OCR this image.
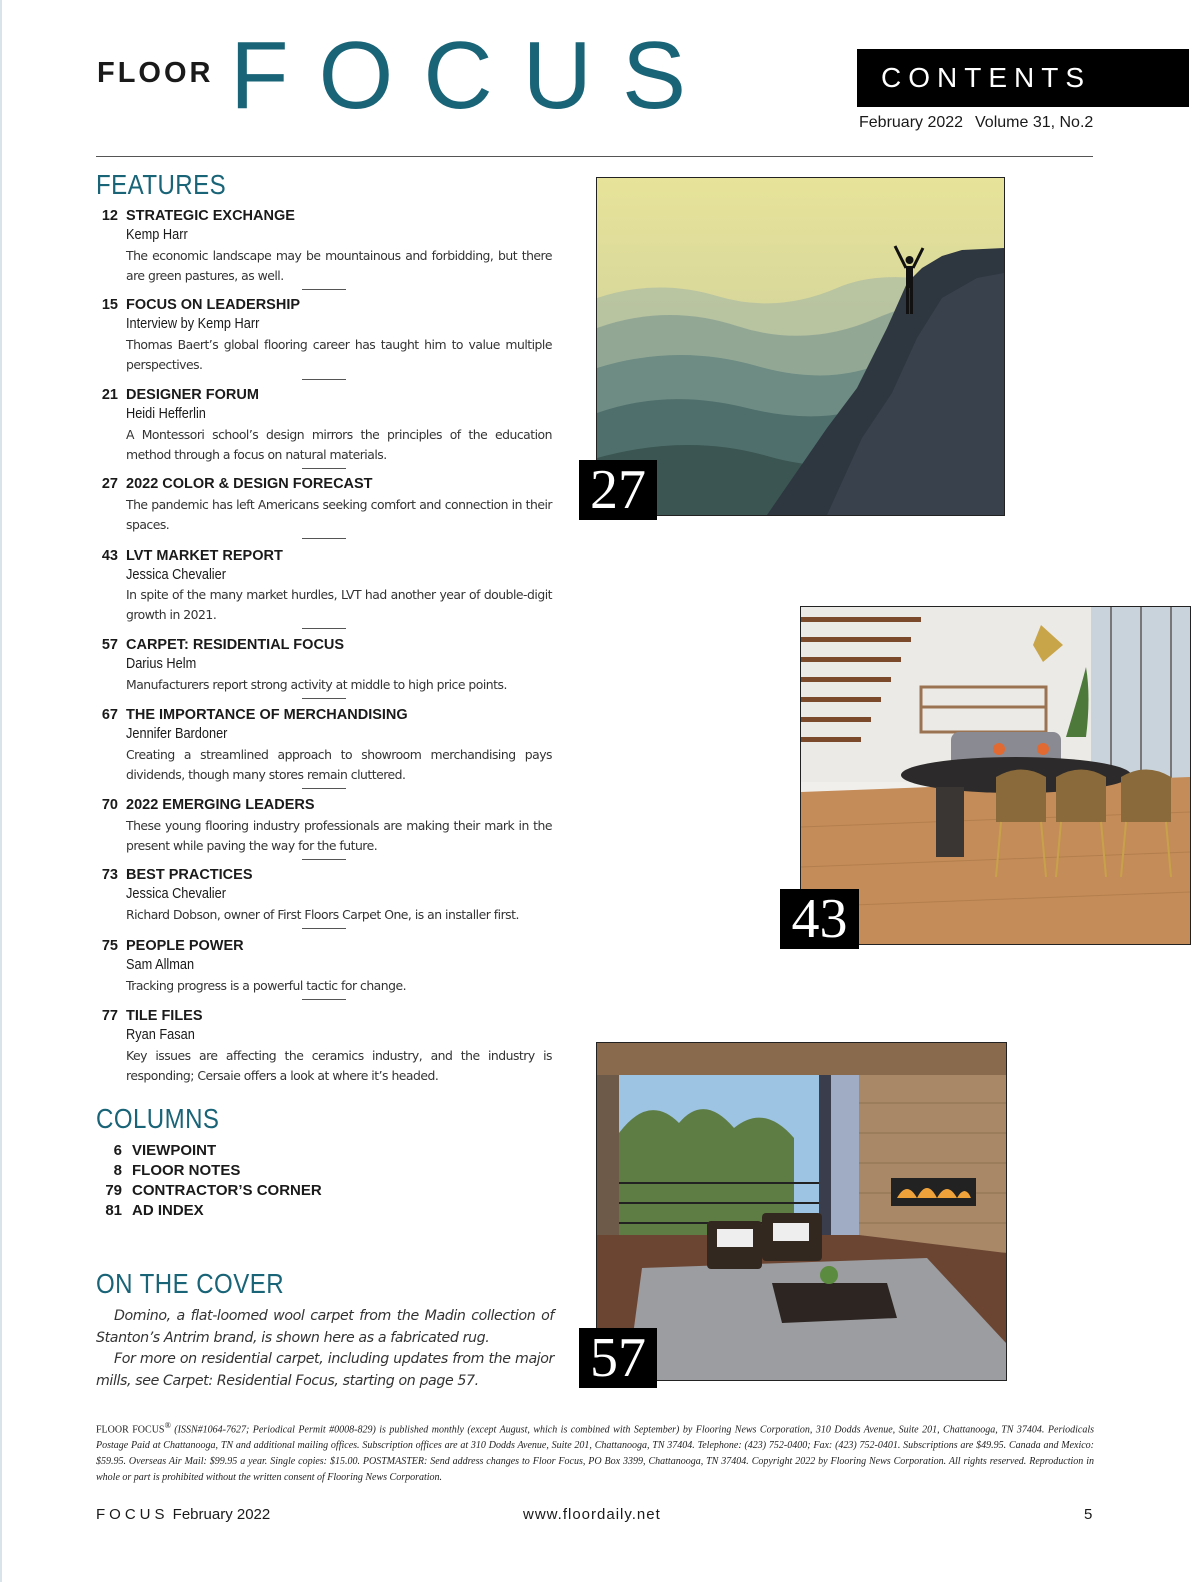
FLOOR FOCUS	CONTENTS
February 2022 Volume 31, No.2
FEATURES
12 STRATEGIC EXCHANGE
Kemp Harr
The economic landscape may be mountainous and forbidding, but there are green pastures, as well.
15 FOCUS ON LEADERSHIP
Interview by Kemp Harr
Thomas Baert’s global flooring career has taught him to value multiple perspectives.
21 DESIGNER FORUM
Heidi Hefferlin
A Montessori school’s design mirrors the principles of the education method through a focus on natural materials.
27 2022 COLOR & DESIGN FORECAST
The pandemic has left Americans seeking comfort and connection in their spaces.
43 LVT MARKET REPORT
Jessica Chevalier
In spite of the many market hurdles, LVT had another year of double-digit growth in 2021.
57 CARPET: RESIDENTIAL FOCUS
Darius Helm
Manufacturers report strong activity at middle to high price points.
67 THE IMPORTANCE OF MERCHANDISING
Jennifer Bardoner
Creating a streamlined approach to showroom merchandising pays dividends, though many stores remain cluttered.
70 2022 EMERGING LEADERS
These young flooring industry professionals are making their mark in the present while paving the way for the future.
73 BEST PRACTICES
Jessica Chevalier
Richard Dobson, owner of First Floors Carpet One, is an installer first.
75 PEOPLE POWER
Sam Allman
Tracking progress is a powerful tactic for change.
77 TILE FILES
Ryan Fasan
Key issues are affecting the ceramics industry, and the industry is responding; Cersaie offers a look at where it’s headed.
COLUMNS
6 VIEWPOINT
8 FLOOR NOTES
79 CONTRACTOR’S CORNER
81 AD INDEX
ON THE COVER

Domino, a flat-loomed wool carpet from the Madin collection of Stanton’s Antrim brand, is shown here as a fabricated rug.

For more on residential carpet, including updates from the major mills, see Carpet: Residential Focus, starting on page 57.

27
43
57
FLOOR FOCUS® (ISSN#1064-7627; Periodical Permit #0008-829) is published monthly (except August, which is combined with September) by Flooring News Corporation, 310 Dodds Avenue, Suite 201, Chattanooga, TN 37404. Periodicals Postage Paid at Chattanooga, TN and additional mailing offices. Subscription offices are at 310 Dodds Avenue, Suite 201, Chattanooga, TN 37404. Telephone: (423) 752-0400; Fax: (423) 752-0401. Subscriptions are $49.95. Canada and Mexico: $59.95. Overseas Air Mail: $99.95 a year. Single copies: $15.00. POSTMASTER: Send address changes to Floor Focus, PO Box 3399, Chattanooga, TN 37404. Copyright 2022 by Flooring News Corporation. All rights reserved. Reproduction in whole or part is prohibited without the written consent of Flooring News Corporation.
FOCUS February 2022	www.floordaily.net	5
